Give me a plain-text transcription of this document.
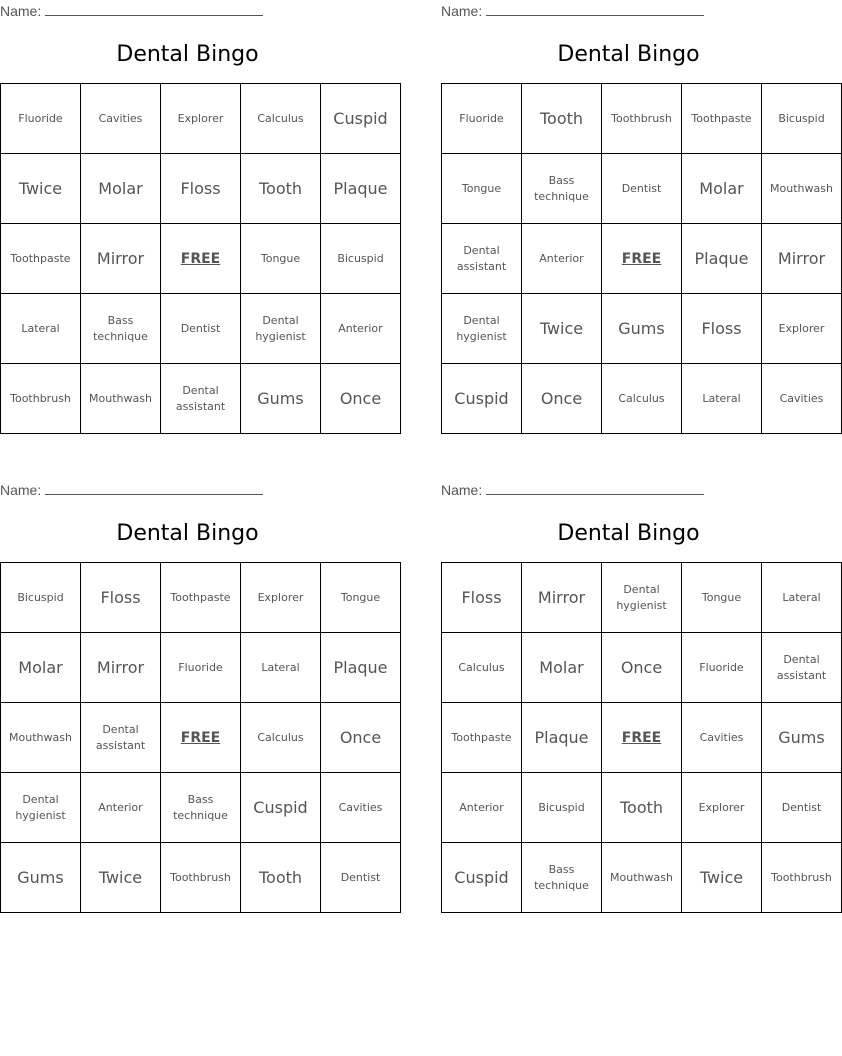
Name:
Dental Bingo
Fluoride	Cavities	Explorer	Calculus	Cuspid
Twice	Molar	Floss	Tooth	Plaque
Toothpaste	Mirror	FREE	Tongue	Bicuspid
Lateral	Bass technique	Dentist	Dental hygienist	Anterior
Toothbrush	Mouthwash	Dental assistant	Gums	Once
Name:
Dental Bingo
Fluoride	Tooth	Toothbrush	Toothpaste	Bicuspid
Tongue	Bass technique	Dentist	Molar	Mouthwash
Dental assistant	Anterior	FREE	Plaque	Mirror
Dental hygienist	Twice	Gums	Floss	Explorer
Cuspid	Once	Calculus	Lateral	Cavities
Name:
Dental Bingo
Bicuspid	Floss	Toothpaste	Explorer	Tongue
Molar	Mirror	Fluoride	Lateral	Plaque
Mouthwash	Dental assistant	FREE	Calculus	Once
Dental hygienist	Anterior	Bass technique	Cuspid	Cavities
Gums	Twice	Toothbrush	Tooth	Dentist
Name:
Dental Bingo
Floss	Mirror	Dental hygienist	Tongue	Lateral
Calculus	Molar	Once	Fluoride	Dental assistant
Toothpaste	Plaque	FREE	Cavities	Gums
Anterior	Bicuspid	Tooth	Explorer	Dentist
Cuspid	Bass technique	Mouthwash	Twice	Toothbrush
